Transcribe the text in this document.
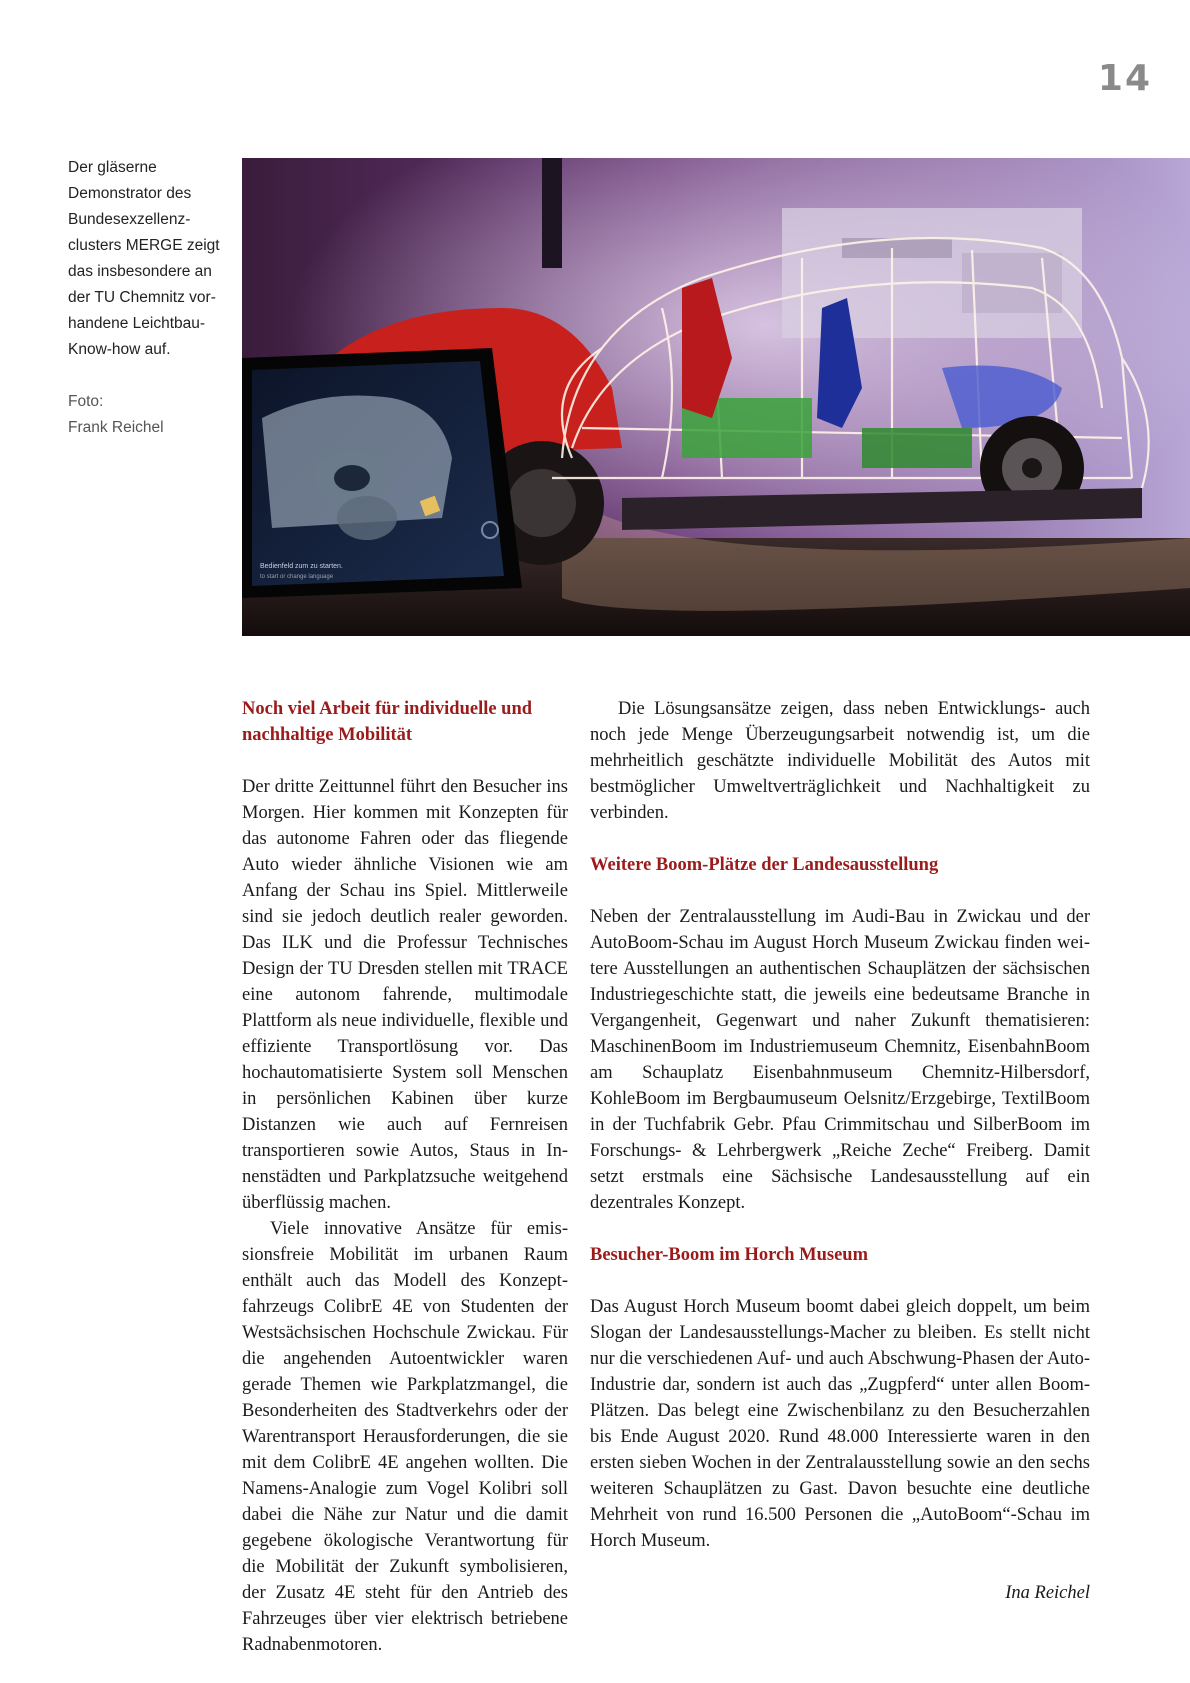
14

Der gläserne Demonstrator des Bundesexzellenzclusters MERGE zeigt das insbesondere an der TU Chemnitz vorhandene Leichtbau-Know-how auf.

Foto:
Frank Reichel

Bedienfeld zum zu starten.
to start or change language
Noch viel Arbeit für individuelle und nachhaltige Mobilität

Der dritte Zeittunnel führt den Besucher ins Morgen. Hier kommen mit Konzepten für das autonome Fahren oder das fliegende Auto wieder ähnliche Visionen wie am Anfang der Schau ins Spiel. Mittlerweile sind sie jedoch deutlich realer geworden. Das ILK und die Professur Technisches Design der TU Dresden stellen mit TRACE eine autonom fahrende, multimodale Plattform als neue individuelle, flexible und effiziente Transportlösung vor. Das hochautomatisierte System soll Menschen in persönlichen Kabinen über kurze Distanzen wie auch auf Fernreisen transportieren sowie Autos, Staus in Innenstädten und Parkplatzsuche weitgehend überflüssig machen.

Viele innovative Ansätze für emissionsfreie Mobilität im urbanen Raum enthält auch das Modell des Konzeptfahrzeugs ColibrE 4E von Studenten der Westsächsischen Hochschule Zwickau. Für die angehenden Autoentwickler waren gerade Themen wie Parkplatzmangel, die Besonderheiten des Stadtverkehrs oder der Warentransport Herausforderungen, die sie mit dem ColibrE 4E angehen wollten. Die Namens-Analogie zum Vogel Kolibri soll dabei die Nähe zur Natur und die damit gegebene ökologische Verantwortung für die Mobilität der Zukunft symbolisieren, der Zusatz 4E steht für den Antrieb des Fahrzeuges über vier elektrisch betriebene Radnabenmotoren.

Die Lösungsansätze zeigen, dass neben Entwicklungs- auch noch jede Menge Überzeugungsarbeit notwendig ist, um die mehrheitlich geschätzte individuelle Mobilität des Autos mit bestmöglicher Umweltverträglichkeit und Nachhaltigkeit zu verbinden.

Weitere Boom-Plätze der Landesausstellung

Neben der Zentralausstellung im Audi-Bau in Zwickau und der AutoBoom-Schau im August Horch Museum Zwickau finden weitere Ausstellungen an authentischen Schauplätzen der sächsischen Industriegeschichte statt, die jeweils eine bedeutsame Branche in Vergangenheit, Gegenwart und naher Zukunft thematisieren: MaschinenBoom im Industriemuseum Chemnitz, EisenbahnBoom am Schauplatz Eisenbahnmuseum Chemnitz-Hilbersdorf, KohleBoom im Bergbaumuseum Oelsnitz/Erzgebirge, TextilBoom in der Tuchfabrik Gebr. Pfau Crimmitschau und SilberBoom im Forschungs- & Lehrbergwerk „Reiche Zeche“ Freiberg. Damit setzt erstmals eine Sächsische Landesausstellung auf ein dezentrales Konzept.

Besucher-Boom im Horch Museum

Das August Horch Museum boomt dabei gleich doppelt, um beim Slogan der Landesausstellungs-Macher zu bleiben. Es stellt nicht nur die verschiedenen Auf- und auch Abschwung-Phasen der Auto-Industrie dar, sondern ist auch das „Zugpferd“ unter allen Boom-Plätzen. Das belegt eine Zwischenbilanz zu den Besucherzahlen bis Ende August 2020. Rund 48.000 Interessierte waren in den ersten sieben Wochen in der Zentralausstellung sowie an den sechs weiteren Schauplätzen zu Gast. Davon besuchte eine deutliche Mehrheit von rund 16.500 Personen die „AutoBoom“-Schau im Horch Museum.

Ina Reichel
